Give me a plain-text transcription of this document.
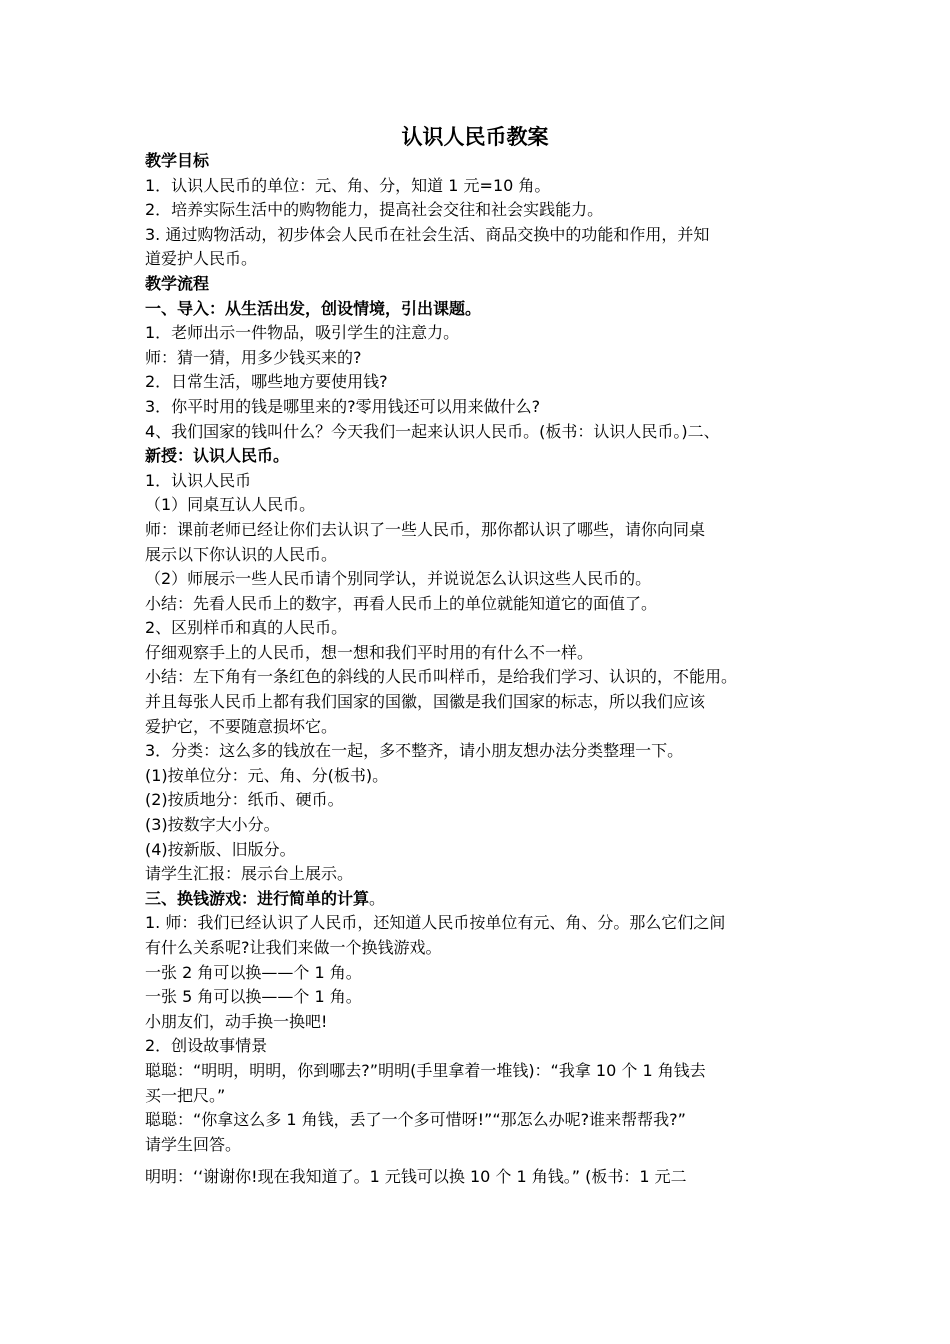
认识人民币教案
教学目标
1．认识人民币的单位：元、角、分，知道 1 元=10 角。
2．培养实际生活中的购物能力，提高社会交往和社会实践能力。
3. 通过购物活动，初步体会人民币在社会生活、商品交换中的功能和作用，并知
道爱护人民币。
教学流程
一、导入：从生活出发，创设情境，引出课题。
1．老师出示一件物品，吸引学生的注意力。
师：猜一猜，用多少钱买来的?
2．日常生活，哪些地方要使用钱?
3．你平时用的钱是哪里来的?零用钱还可以用来做什么?
4、我们国家的钱叫什么？今天我们一起来认识人民币。(板书：认识人民币。)二、
新授：认识人民币。
1．认识人民币
（1）同桌互认人民币。
师：课前老师已经让你们去认识了一些人民币，那你都认识了哪些，请你向同桌
展示以下你认识的人民币。
（2）师展示一些人民币请个别同学认，并说说怎么认识这些人民币的。
小结：先看人民币上的数字，再看人民币上的单位就能知道它的面值了。
2、区别样币和真的人民币。
仔细观察手上的人民币，想一想和我们平时用的有什么不一样。
小结：左下角有一条红色的斜线的人民币叫样币，是给我们学习、认识的，不能用。
并且每张人民币上都有我们国家的国徽，国徽是我们国家的标志，所以我们应该
爱护它，不要随意损坏它。
3．分类：这么多的钱放在一起，多不整齐，请小朋友想办法分类整理一下。
(1)按单位分：元、角、分(板书)。
(2)按质地分：纸币、硬币。
(3)按数字大小分。
(4)按新版、旧版分。
请学生汇报：展示台上展示。
三、换钱游戏：进行简单的计算。
1. 师：我们已经认识了人民币，还知道人民币按单位有元、角、分。那么它们之间
有什么关系呢?让我们来做一个换钱游戏。
一张 2 角可以换——个 1 角。
一张 5 角可以换——个 1 角。
小朋友们，动手换一换吧!
2．创设故事情景
聪聪：“明明，明明，你到哪去?”明明(手里拿着一堆钱)：“我拿 10 个 1 角钱去
买一把尺。”
聪聪：“你拿这么多 1 角钱，丢了一个多可惜呀!”“那怎么办呢?谁来帮帮我?”
请学生回答。
明明：‘‘谢谢你!现在我知道了。1 元钱可以换 10 个 1 角钱。” (板书：1 元二
